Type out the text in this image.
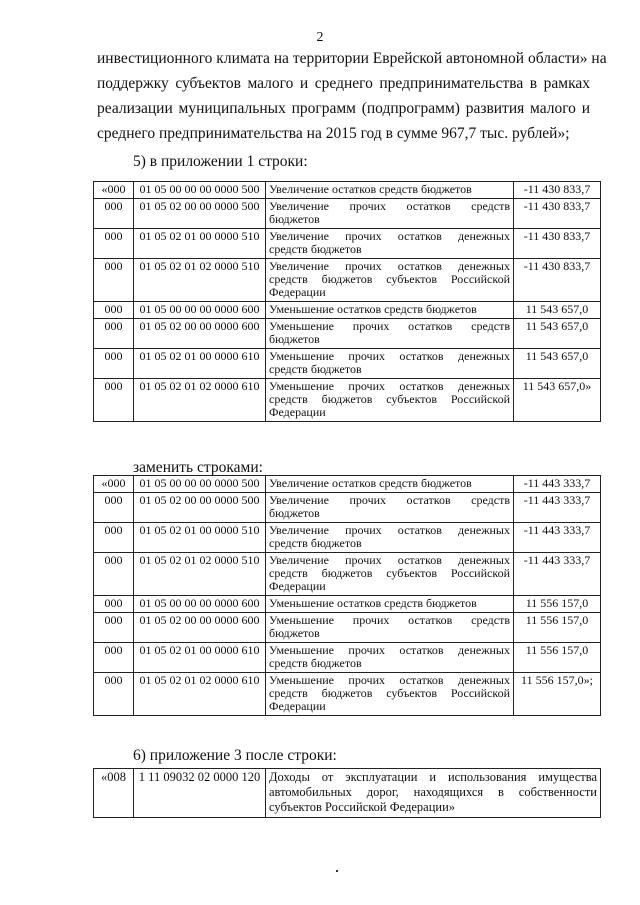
2
инвестиционного климата на территории Еврейской автономной области» на
поддержку субъектов малого и среднего предпринимательства в рамках
реализации муниципальных программ (подпрограмм) развития малого и
среднего предпринимательства на 2015 год в сумме 967,7 тыс. рублей»;
5) в приложении 1 строки:
«000	01 05 00 00 00 0000 500	Увеличение остатков средств бюджетов	-11 430 833,7
000	01 05 02 00 00 0000 500	Увеличение прочих остатков средств бюджетов	-11 430 833,7
000	01 05 02 01 00 0000 510	Увеличение прочих остатков денежных средств бюджетов	-11 430 833,7
000	01 05 02 01 02 0000 510	Увеличение прочих остатков денежных средств бюджетов субъектов Российской Федерации	-11 430 833,7
000	01 05 00 00 00 0000 600	Уменьшение остатков средств бюджетов	11 543 657,0
000	01 05 02 00 00 0000 600	Уменьшение прочих остатков средств бюджетов	11 543 657,0
000	01 05 02 01 00 0000 610	Уменьшение прочих остатков денежных средств бюджетов	11 543 657,0
000	01 05 02 01 02 0000 610	Уменьшение прочих остатков денежных средств бюджетов субъектов Российской Федерации	11 543 657,0»
заменить строками:
«000	01 05 00 00 00 0000 500	Увеличение остатков средств бюджетов	-11 443 333,7
000	01 05 02 00 00 0000 500	Увеличение прочих остатков средств бюджетов	-11 443 333,7
000	01 05 02 01 00 0000 510	Увеличение прочих остатков денежных средств бюджетов	-11 443 333,7
000	01 05 02 01 02 0000 510	Увеличение прочих остатков денежных средств бюджетов субъектов Российской Федерации	-11 443 333,7
000	01 05 00 00 00 0000 600	Уменьшение остатков средств бюджетов	11 556 157,0
000	01 05 02 00 00 0000 600	Уменьшение прочих остатков средств бюджетов	11 556 157,0
000	01 05 02 01 00 0000 610	Уменьшение прочих остатков денежных средств бюджетов	11 556 157,0
000	01 05 02 01 02 0000 610	Уменьшение прочих остатков денежных средств бюджетов субъектов Российской Федерации	11 556 157,0»;
6) приложение 3 после строки:
«008	1 11 09032 02 0000 120	Доходы от эксплуатации и использования имущества автомобильных дорог, находящихся в собственности субъектов Российской Федерации»
